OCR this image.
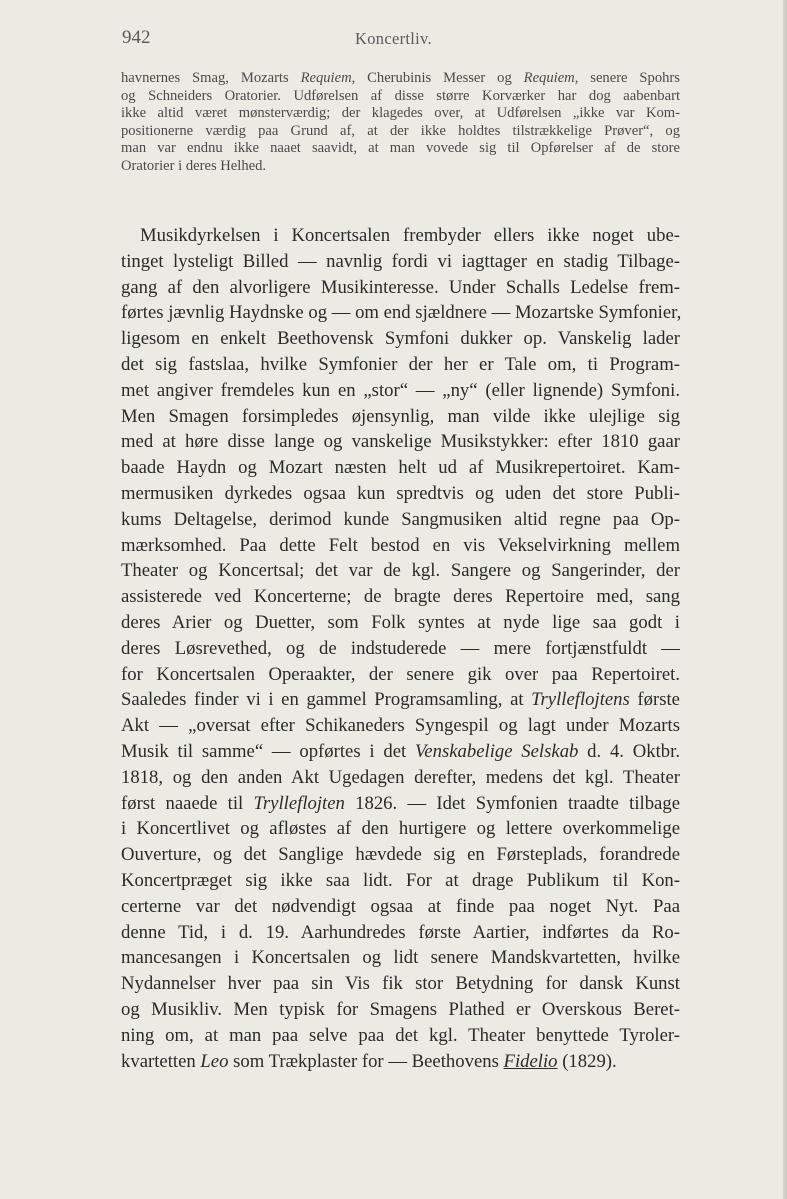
942	Koncertliv.
havnernes Smag, Mozarts Requiem, Cherubinis Messer og Requiem, senere Spohrs
og Schneiders Oratorier. Udførelsen af disse større Korværker har dog aabenbart
ikke altid været mønsterværdig; der klagedes over, at Udførelsen „ikke var Kom-
positionerne værdig paa Grund af, at der ikke holdtes tilstrækkelige Prøver“, og
man var endnu ikke naaet saavidt, at man vovede sig til Opførelser af de store
Oratorier i deres Helhed.
Musikdyrkelsen i Koncertsalen frembyder ellers ikke noget ube-
tinget lysteligt Billed — navnlig fordi vi iagttager en stadig Tilbage-
gang af den alvorligere Musikinteresse. Under Schalls Ledelse frem-
førtes jævnlig Haydnske og — om end sjældnere — Mozartske Symfonier,
ligesom en enkelt Beethovensk Symfoni dukker op. Vanskelig lader
det sig fastslaa, hvilke Symfonier der her er Tale om, ti Program-
met angiver fremdeles kun en „stor“ — „ny“ (eller lignende) Symfoni.
Men Smagen forsimpledes øjensynlig, man vilde ikke ulejlige sig
med at høre disse lange og vanskelige Musikstykker: efter 1810 gaar
baade Haydn og Mozart næsten helt ud af Musikrepertoiret. Kam-
mermusiken dyrkedes ogsaa kun spredtvis og uden det store Publi-
kums Deltagelse, derimod kunde Sangmusiken altid regne paa Op-
mærksomhed. Paa dette Felt bestod en vis Vekselvirkning mellem
Theater og Koncertsal; det var de kgl. Sangere og Sangerinder, der
assisterede ved Koncerterne; de bragte deres Repertoire med, sang
deres Arier og Duetter, som Folk syntes at nyde lige saa godt i
deres Løsrevethed, og de indstuderede — mere fortjænstfuldt —
for Koncertsalen Operaakter, der senere gik over paa Repertoiret.
Saaledes finder vi i en gammel Programsamling, at Trylleflojtens første
Akt — „oversat efter Schikaneders Syngespil og lagt under Mozarts
Musik til samme“ — opførtes i det Venskabelige Selskab d. 4. Oktbr.
1818, og den anden Akt Ugedagen derefter, medens det kgl. Theater
først naaede til Trylleflojten 1826. — Idet Symfonien traadte tilbage
i Koncertlivet og afløstes af den hurtigere og lettere overkommelige
Ouverture, og det Sanglige hævdede sig en Førsteplads, forandrede
Koncertpræget sig ikke saa lidt. For at drage Publikum til Kon-
certerne var det nødvendigt ogsaa at finde paa noget Nyt. Paa
denne Tid, i d. 19. Aarhundredes første Aartier, indførtes da Ro-
mancesangen i Koncertsalen og lidt senere Mandskvartetten, hvilke
Nydannelser hver paa sin Vis fik stor Betydning for dansk Kunst
og Musikliv. Men typisk for Smagens Plathed er Overskous Beret-
ning om, at man paa selve paa det kgl. Theater benyttede Tyroler-
kvartetten Leo som Trækplaster for — Beethovens Fidelio (1829).
